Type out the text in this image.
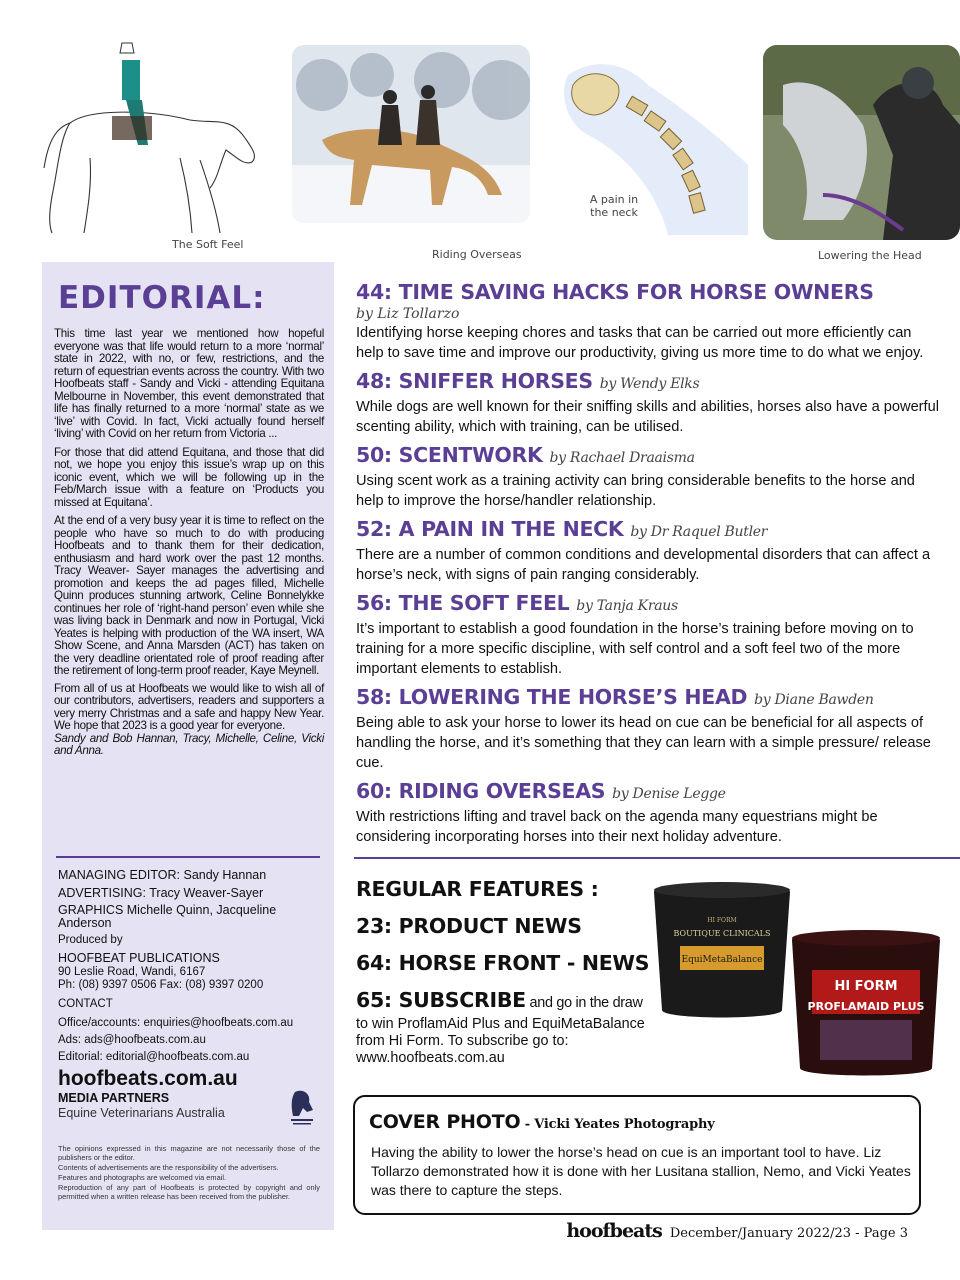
The Soft Feel
Riding Overseas
A pain in the neck
Lowering the Head
EDITORIAL:

This time last year we mentioned how hopeful everyone was that life would return to a more ‘normal’ state in 2022, with no, or few, restrictions, and the return of equestrian events across the country. With two Hoofbeats staff - Sandy and Vicki - attending Equitana Melbourne in November, this event demonstrated that life has finally returned to a more ‘normal’ state as we ‘live’ with Covid. In fact, Vicki actually found herself ‘living’ with Covid on her return from Victoria ...

For those that did attend Equitana, and those that did not, we hope you enjoy this issue’s wrap up on this iconic event, which we will be following up in the Feb/March issue with a feature on ‘Products you missed at Equitana’.

At the end of a very busy year it is time to reflect on the people who have so much to do with producing Hoofbeats and to thank them for their dedication, enthusiasm and hard work over the past 12 months. Tracy Weaver- Sayer manages the advertising and promotion and keeps the ad pages filled, Michelle Quinn produces stunning artwork, Celine Bonnelykke continues her role of ‘right-hand person’ even while she was living back in Denmark and now in Portugal, Vicki Yeates is helping with production of the WA insert, WA Show Scene, and Anna Marsden (ACT) has taken on the very deadline orientated role of proof reading after the retirement of long-term proof reader, Kaye Meynell.

From all of us at Hoofbeats we would like to wish all of our contributors, advertisers, readers and supporters a very merry Christmas and a safe and happy New Year. We hope that 2023 is a good year for everyone.

Sandy and Bob Hannan, Tracy, Michelle, Celine, Vicki and Anna.

MANAGING EDITOR: Sandy Hannan
ADVERTISING: Tracy Weaver-Sayer
GRAPHICS Michelle Quinn, Jacqueline Anderson
Produced by
HOOFBEAT PUBLICATIONS
90 Leslie Road, Wandi, 6167
Ph: (08) 9397 0506 Fax: (08) 9397 0200
CONTACT
Office/accounts: enquiries@hoofbeats.com.au
Ads: ads@hoofbeats.com.au
Editorial: editorial@hoofbeats.com.au
hoofbeats.com.au
MEDIA PARTNERS
Equine Veterinarians Australia

The opinions expressed in this magazine are not necessarily those of the publishers or the editor.

Contents of advertisements are the responsibility of the advertisers.

Features and photographs are welcomed via email.

Reproduction of any part of Hoofbeats is protected by copyright and only permitted when a written release has been received from the publisher.

44: TIME SAVING HACKS FOR HORSE OWNERS
by Liz Tollarzo
Identifying horse keeping chores and tasks that can be carried out more efficiently can help to save time and improve our productivity, giving us more time to do what we enjoy.
48: SNIFFER HORSES by Wendy Elks
While dogs are well known for their sniffing skills and abilities, horses also have a powerful scenting ability, which with training, can be utilised.
50: SCENTWORK by Rachael Draaisma
Using scent work as a training activity can bring considerable benefits to the horse and help to improve the horse/handler relationship.
52: A PAIN IN THE NECK by Dr Raquel Butler
There are a number of common conditions and developmental disorders that can affect a horse’s neck, with signs of pain ranging considerably.
56: THE SOFT FEEL by Tanja Kraus
It’s important to establish a good foundation in the horse’s training before moving on to training for a more specific discipline, with self control and a soft feel two of the more important elements to establish.
58: LOWERING THE HORSE’S HEAD by Diane Bawden
Being able to ask your horse to lower its head on cue can be beneficial for all aspects of handling the horse, and it’s something that they can learn with a simple pressure/ release cue.
60: RIDING OVERSEAS by Denise Legge
With restrictions lifting and travel back on the agenda many equestrians might be considering incorporating horses into their next holiday adventure.
REGULAR FEATURES :
23: PRODUCT NEWS
64: HORSE FRONT - NEWS
65: SUBSCRIBE and go in the draw
to win ProflamAid Plus and EquiMetaBalance from Hi Form. To subscribe go to: www.hoofbeats.com.au
HI FORM
BOUTIQUE CLINICALS
EquiMetaBalance
HI FORM
PROFLAMAID PLUS
COVER PHOTO - Vicki Yeates Photography
Having the ability to lower the horse’s head on cue is an important tool to have. Liz Tollarzo demonstrated how it is done with her Lusitana stallion, Nemo, and Vicki Yeates was there to capture the steps.
hoofbeats December/January 2022/23 - Page 3
